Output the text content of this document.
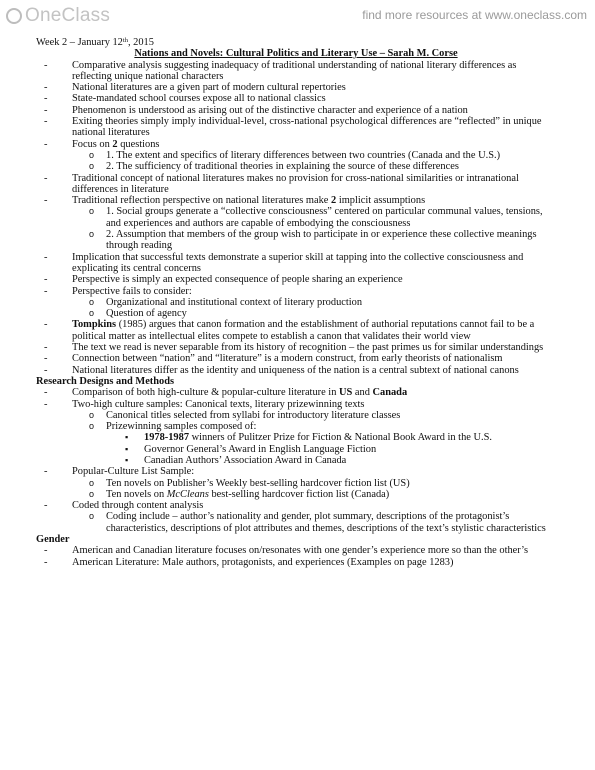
OneClass	find more resources at www.oneclass.com
Week 2 – January 12th, 2015
Nations and Novels: Cultural Politics and Literary Use – Sarah M. Corse
- Comparative analysis suggesting inadequacy of traditional understanding of national literary differences as reflecting unique national characters
- National literatures are a given part of modern cultural repertories
- State-mandated school courses expose all to national classics
- Phenomenon is understood as arising out of the distinctive character and experience of a nation
- Exiting theories simply imply individual-level, cross-national psychological differences are “reflected” in unique national literatures
- Focus on 2 questions
o 1. The extent and specifics of literary differences between two countries (Canada and the U.S.)
o 2. The sufficiency of traditional theories in explaining the source of these differences
- Traditional concept of national literatures makes no provision for cross-national similarities or intranational differences in literature
- Traditional reflection perspective on national literatures make 2 implicit assumptions
o 1. Social groups generate a “collective consciousness” centered on particular communal values, tensions, and experiences and authors are capable of embodying the consciousness
o 2. Assumption that members of the group wish to participate in or experience these collective meanings through reading
- Implication that successful texts demonstrate a superior skill at tapping into the collective consciousness and explicating its central concerns
- Perspective is simply an expected consequence of people sharing an experience
- Perspective fails to consider:
o Organizational and institutional context of literary production
o Question of agency
- Tompkins (1985) argues that canon formation and the establishment of authorial reputations cannot fail to be a political matter as intellectual elites compete to establish a canon that validates their world view
- The text we read is never separable from its history of recognition – the past primes us for similar understandings
- Connection between “nation” and “literature” is a modern construct, from early theorists of nationalism
- National literatures differ as the identity and uniqueness of the nation is a central subtext of national canons
Research Designs and Methods
- Comparison of both high-culture & popular-culture literature in US and Canada
- Two-high culture samples: Canonical texts, literary prizewinning texts
o Canonical titles selected from syllabi for introductory literature classes
o Prizewinning samples composed of:
▪ 1978-1987 winners of Pulitzer Prize for Fiction & National Book Award in the U.S.
▪ Governor General’s Award in English Language Fiction
▪ Canadian Authors’ Association Award in Canada
- Popular-Culture List Sample:
o Ten novels on Publisher’s Weekly best-selling hardcover fiction list (US)
o Ten novels on McCleans best-selling hardcover fiction list (Canada)
- Coded through content analysis
o Coding include – author’s nationality and gender, plot summary, descriptions of the protagonist’s characteristics, descriptions of plot attributes and themes, descriptions of the text’s stylistic characteristics
Gender
- American and Canadian literature focuses on/resonates with one gender’s experience more so than the other’s
- American Literature: Male authors, protagonists, and experiences (Examples on page 1283)
